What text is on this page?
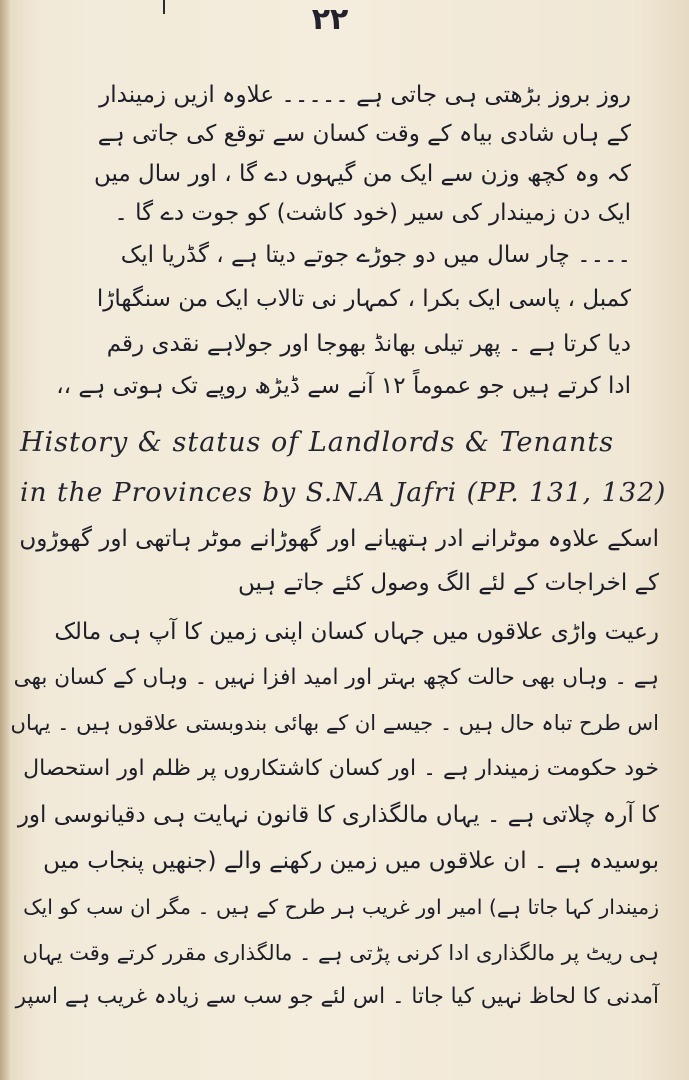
۲۲
روز بروز بڑھتی ہی جاتی ہے ۔۔۔۔۔ علاوہ ازیں زمیندار
کے ہاں شادی بیاہ کے وقت کسان سے توقع کی جاتی ہے
کہ وہ کچھ وزن سے ایک من گیہوں دے گا ، اور سال میں
ایک دن زمیندار کی سیر (خود کاشت) کو جوت دے گا ۔
۔۔۔۔ چار سال میں دو جوڑے جوتے دیتا ہے ، گڈریا ایک
کمبل ، پاسی ایک بکرا ، کمہار نی تالاب ایک من سنگھاڑا
دیا کرتا ہے ۔ پھر تیلی بھانڈ بھوجا اور جولاہے نقدی رقم
ادا کرتے ہیں جو عموماً ۱۲ آنے سے ڈیڑھ روپے تک ہوتی ہے ،،
History & status of Landlords & Tenants
in the Provinces by S.N.A Jafri (PP. 131, 132)
اسکے علاوہ موٹرانے ادر ہتھیانے اور گھوڑانے موٹر ہاتھی اور گھوڑوں
کے اخراجات کے لئے الگ وصول کئے جاتے ہیں
رعیت واڑی علاقوں میں جہاں کسان اپنی زمین کا آپ ہی مالک
ہے ۔ وہاں بھی حالت کچھ بہتر اور امید افزا نہیں ۔ وہاں کے کسان بھی
اس طرح تباہ حال ہیں ۔ جیسے ان کے بھائی بندوبستی علاقوں ہیں ۔ یہاں
خود حکومت زمیندار ہے ۔ اور کسان کاشتکاروں پر ظلم اور استحصال
کا آرہ چلاتی ہے ۔ یہاں مالگذاری کا قانون نہایت ہی دقیانوسی اور
بوسیدہ ہے ۔ ان علاقوں میں زمین رکھنے والے (جنھیں پنجاب میں
زمیندار کہا جاتا ہے) امیر اور غریب ہر طرح کے ہیں ۔ مگر ان سب کو ایک
ہی ریٹ پر مالگذاری ادا کرنی پڑتی ہے ۔ مالگذاری مقرر کرتے وقت یہاں
آمدنی کا لحاظ نہیں کیا جاتا ۔ اس لئے جو سب سے زیادہ غریب ہے اسپر
